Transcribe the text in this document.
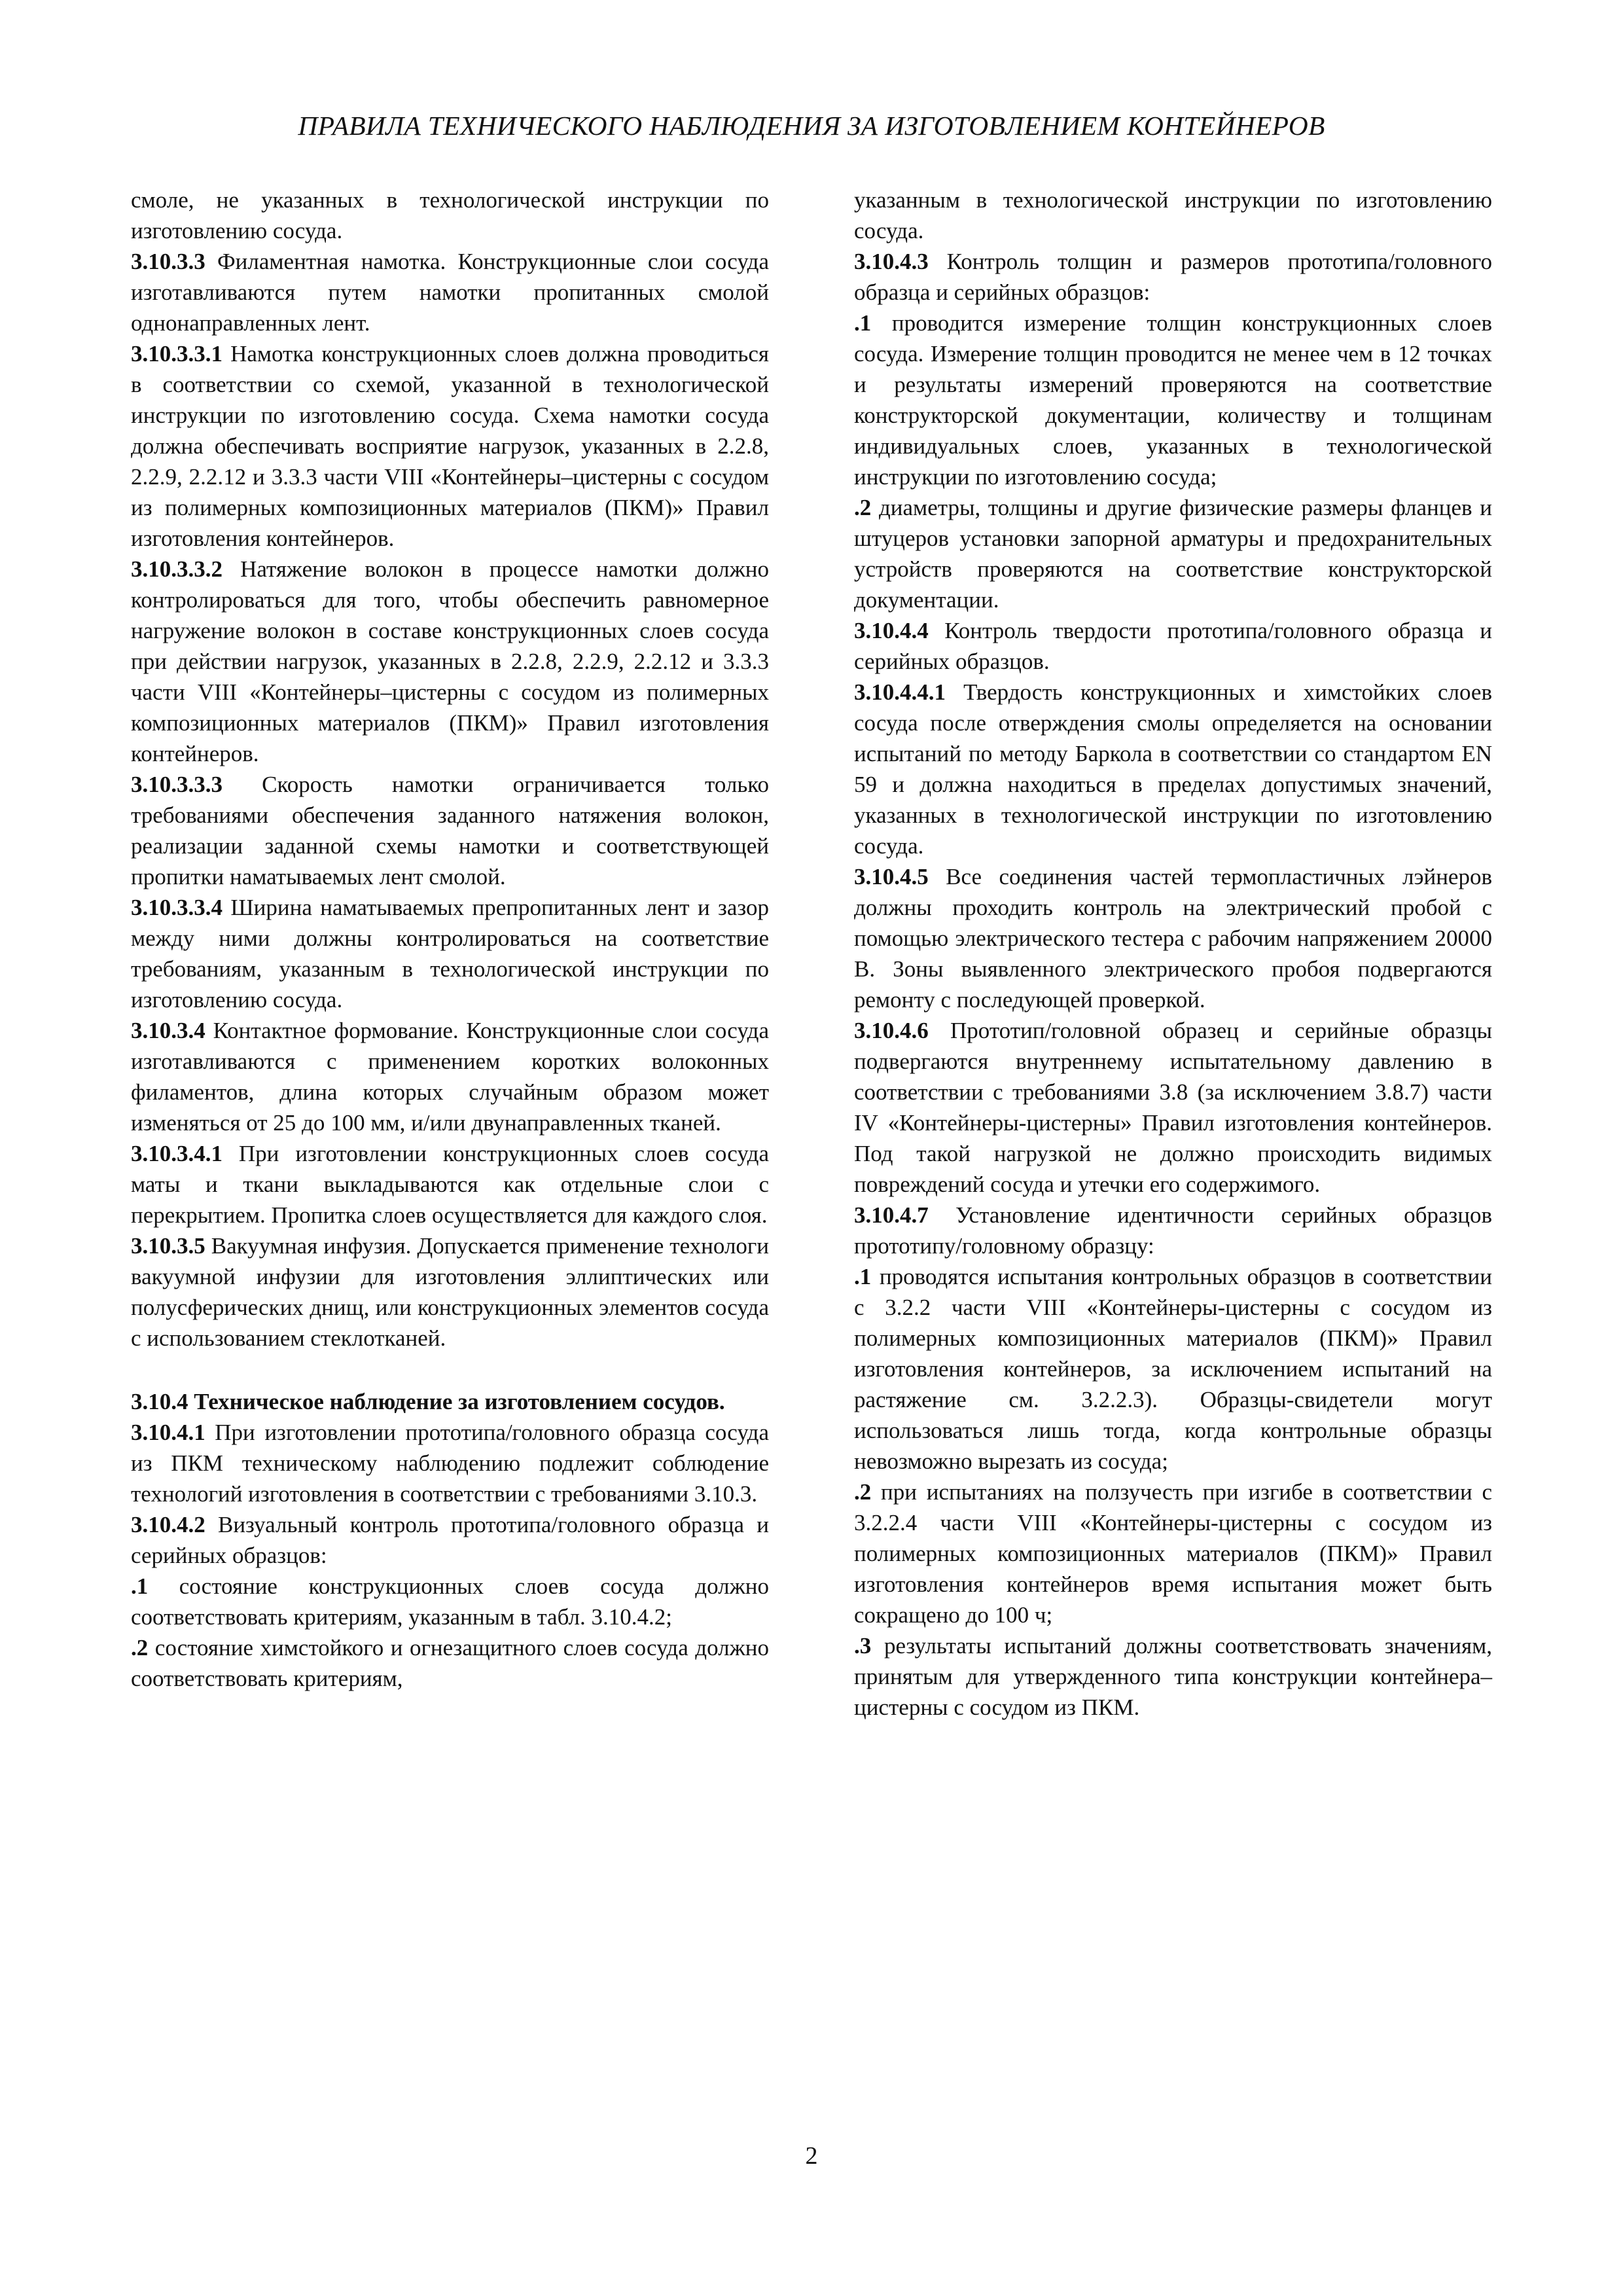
ПРАВИЛА ТЕХНИЧЕСКОГО НАБЛЮДЕНИЯ ЗА ИЗГОТОВЛЕНИЕМ КОНТЕЙНЕРОВ

смоле, не указанных в технологической инструкции по изготовлению сосуда.

3.10.3.3 Филаментная намотка. Конструкционные слои сосуда изготавливаются путем намотки пропитанных смолой однонаправленных лент.

3.10.3.3.1 Намотка конструкционных слоев должна проводиться в соответствии со схемой, указанной в технологической инструкции по изготовлению сосуда. Схема намотки сосуда должна обеспечивать восприятие нагрузок, указанных в 2.2.8, 2.2.9, 2.2.12 и 3.3.3 части VIII «Контейнеры–цистерны с сосудом из полимерных композиционных материалов (ПКМ)» Правил изготовления контейнеров.

3.10.3.3.2 Натяжение волокон в процессе намотки должно контролироваться для того, чтобы обеспечить равномерное нагружение волокон в составе конструкционных слоев сосуда при действии нагрузок, указанных в 2.2.8, 2.2.9, 2.2.12 и 3.3.3 части VIII «Контейнеры–цистерны с сосудом из полимерных композиционных материалов (ПКМ)» Правил изготовления контейнеров.

3.10.3.3.3 Скорость намотки ограничивается только требованиями обеспечения заданного натяжения волокон, реализации заданной схемы намотки и соответствующей пропитки наматываемых лент смолой.

3.10.3.3.4 Ширина наматываемых препропитанных лент и зазор между ними должны контролироваться на соответствие требованиям, указанным в технологической инструкции по изготовлению сосуда.

3.10.3.4 Контактное формование. Конструкционные слои сосуда изготавливаются с применением коротких волоконных филаментов, длина которых случайным образом может изменяться от 25 до 100 мм, и/или двунаправленных тканей.

3.10.3.4.1 При изготовлении конструкционных слоев сосуда маты и ткани выкладываются как отдельные слои с перекрытием. Пропитка слоев осуществляется для каждого слоя.

3.10.3.5 Вакуумная инфузия. Допускается применение технологи вакуумной инфузии для изготовления эллиптических или полусферических днищ, или конструкционных элементов сосуда с использованием стеклотканей.

3.10.4 Техническое наблюдение за изготовлением сосудов.

3.10.4.1 При изготовлении прототипа/головного образца сосуда из ПКМ техническому наблюдению подлежит соблюдение технологий изготовления в соответствии с требованиями 3.10.3.

3.10.4.2 Визуальный контроль прототипа/головного образца и серийных образцов:

.1 состояние конструкционных слоев сосуда должно соответствовать критериям, указанным в табл. 3.10.4.2;

.2 состояние химстойкого и огнезащитного слоев сосуда должно соответствовать критериям,

указанным в технологической инструкции по изготовлению сосуда.

3.10.4.3 Контроль толщин и размеров прототипа/головного образца и серийных образцов:

.1 проводится измерение толщин конструкционных слоев сосуда. Измерение толщин проводится не менее чем в 12 точках и результаты измерений проверяются на соответствие конструкторской документации, количеству и толщинам индивидуальных слоев, указанных в технологической инструкции по изготовлению сосуда;

.2 диаметры, толщины и другие физические размеры фланцев и штуцеров установки запорной арматуры и предохранительных устройств проверяются на соответствие конструкторской документации.

3.10.4.4 Контроль твердости прототипа/головного образца и серийных образцов.

3.10.4.4.1 Твердость конструкционных и химстойких слоев сосуда после отверждения смолы определяется на основании испытаний по методу Баркола в соответствии со стандартом EN 59 и должна находиться в пределах допустимых значений, указанных в технологической инструкции по изготовлению сосуда.

3.10.4.5 Все соединения частей термопластичных лэйнеров должны проходить контроль на электрический пробой с помощью электрического тестера с рабочим напряжением 20000 В. Зоны выявленного электрического пробоя подвергаются ремонту с последующей проверкой.

3.10.4.6 Прототип/головной образец и серийные образцы подвергаются внутреннему испытательному давлению в соответствии с требованиями 3.8 (за исключением 3.8.7) части IV «Контейнеры-цистерны» Правил изготовления контейнеров. Под такой нагрузкой не должно происходить видимых повреждений сосуда и утечки его содержимого.

3.10.4.7 Установление идентичности серийных образцов прототипу/головному образцу:

.1 проводятся испытания контрольных образцов в соответствии с 3.2.2 части VIII «Контейнеры-цистерны с сосудом из полимерных композиционных материалов (ПКМ)» Правил изготовления контейнеров, за исключением испытаний на растяжение см. 3.2.2.3). Образцы-свидетели могут использоваться лишь тогда, когда контрольные образцы невозможно вырезать из сосуда;

.2 при испытаниях на ползучесть при изгибе в соответствии с 3.2.2.4 части VIII «Контейнеры-цистерны с сосудом из полимерных композиционных материалов (ПКМ)» Правил изготовления контейнеров время испытания может быть сокращено до 100 ч;

.3 результаты испытаний должны соответствовать значениям, принятым для утвержденного типа конструкции контейнера–цистерны с сосудом из ПКМ.

2
